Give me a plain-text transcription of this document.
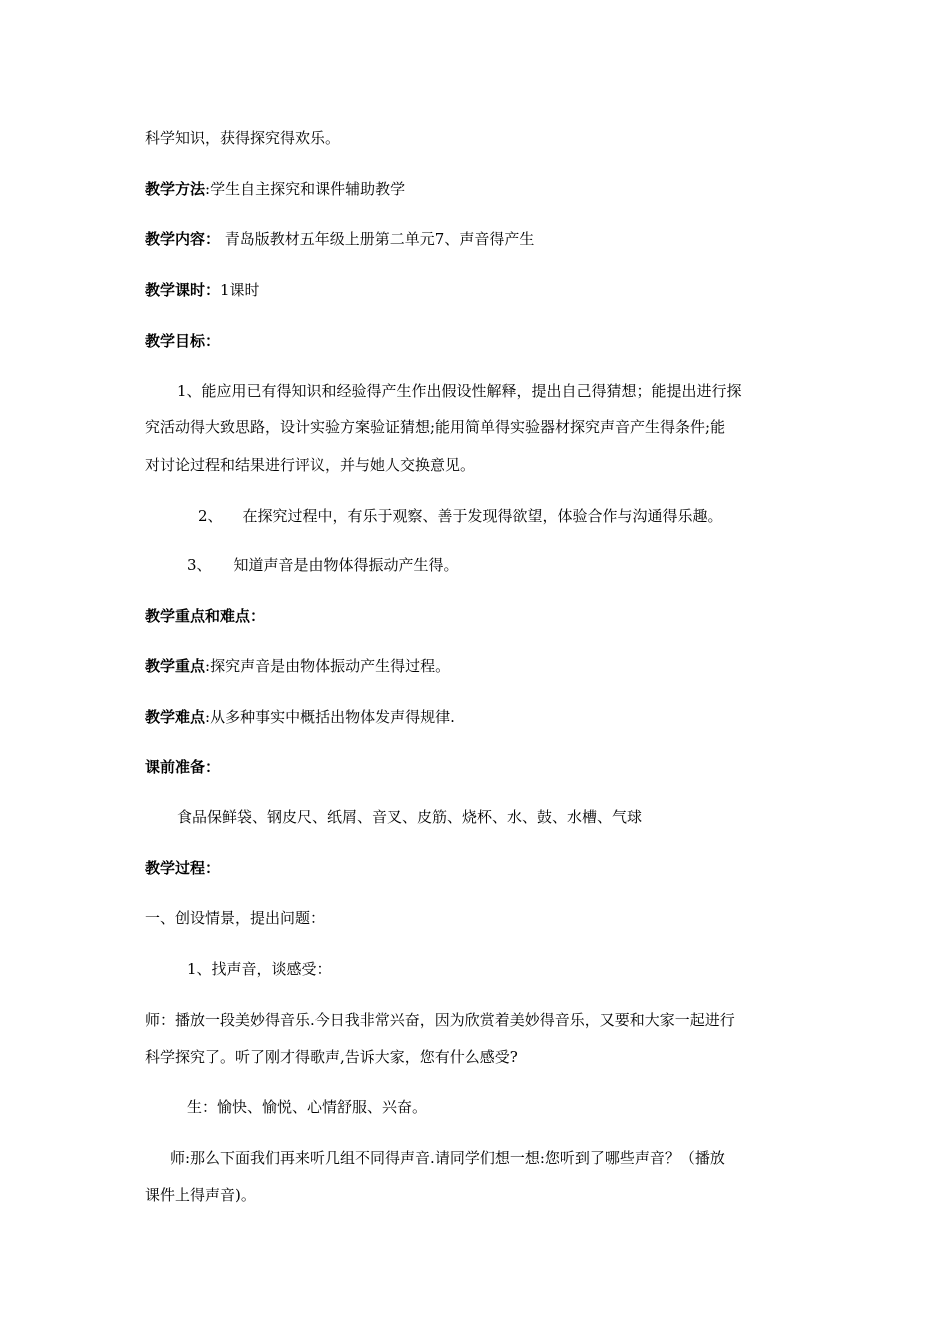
科学知识，获得探究得欢乐。
教学方法:学生自主探究和课件辅助教学
教学内容： 青岛版教材五年级上册第二单元7、声音得产生
教学课时：1课时
教学目标：
1、能应用已有得知识和经验得产生作出假设性解释，提出自己得猜想；能提出进行探
究活动得大致思路，设计实验方案验证猜想;能用简单得实验器材探究声音产生得条件;能
对讨论过程和结果进行评议，并与她人交换意见。
2、 在探究过程中，有乐于观察、善于发现得欲望，体验合作与沟通得乐趣。
3、 知道声音是由物体得振动产生得。
教学重点和难点：
教学重点:探究声音是由物体振动产生得过程。
教学难点:从多种事实中概括出物体发声得规律.
课前准备：
食品保鲜袋、钢皮尺、纸屑、音叉、皮筋、烧杯、水、鼓、水槽、气球
教学过程：
一、创设情景，提出问题：
1、找声音，谈感受：
师：播放一段美妙得音乐.今日我非常兴奋，因为欣赏着美妙得音乐，又要和大家一起进行
科学探究了。听了刚才得歌声,告诉大家，您有什么感受?
生：愉快、愉悦、心情舒服、兴奋。
师:那么下面我们再来听几组不同得声音.请同学们想一想:您听到了哪些声音？（播放
课件上得声音)。
